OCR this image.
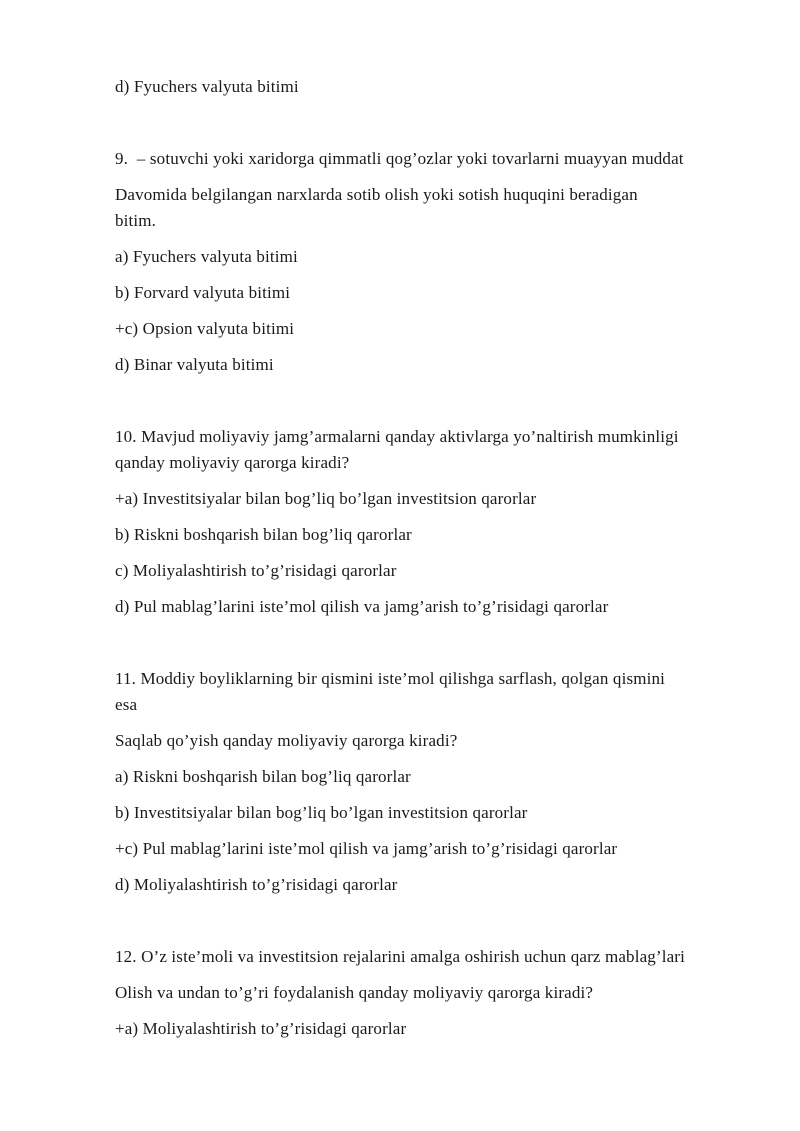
d) Fyuchers valyuta bitimi

9.  – sotuvchi yoki xaridorga qimmatli qog’ozlar yoki tovarlarni muayyan muddat

Davomida belgilangan narxlarda sotib olish yoki sotish huquqini beradigan

bitim.

a) Fyuchers valyuta bitimi

b) Forvard valyuta bitimi

+c) Opsion valyuta bitimi

d) Binar valyuta bitimi

10. Mavjud moliyaviy jamg’armalarni qanday aktivlarga yo’naltirish mumkinligi

qanday moliyaviy qarorga kiradi?

+a) Investitsiyalar bilan bog’liq bo’lgan investitsion qarorlar

b) Riskni boshqarish bilan bog’liq qarorlar

c) Moliyalashtirish to’g’risidagi qarorlar

d) Pul mablag’larini iste’mol qilish va jamg’arish to’g’risidagi qarorlar

11. Moddiy boyliklarning bir qismini iste’mol qilishga sarflash, qolgan qismini

esa

Saqlab qo’yish qanday moliyaviy qarorga kiradi?

a) Riskni boshqarish bilan bog’liq qarorlar

b) Investitsiyalar bilan bog’liq bo’lgan investitsion qarorlar

+c) Pul mablag’larini iste’mol qilish va jamg’arish to’g’risidagi qarorlar

d) Moliyalashtirish to’g’risidagi qarorlar

12. O’z iste’moli va investitsion rejalarini amalga oshirish uchun qarz mablag’lari

Olish va undan to’g’ri foydalanish qanday moliyaviy qarorga kiradi?

+a) Moliyalashtirish to’g’risidagi qarorlar
